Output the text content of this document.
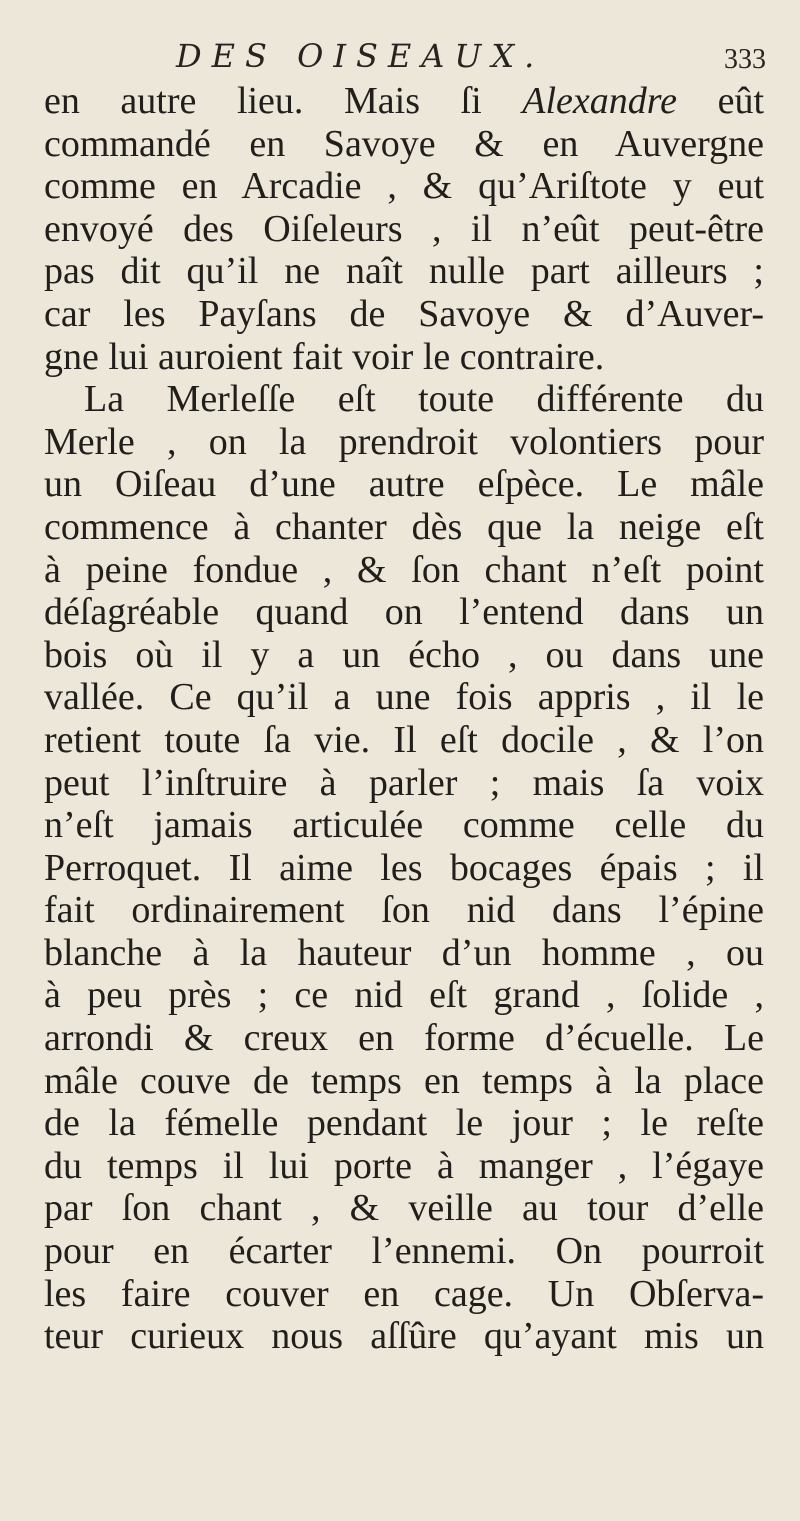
DES OISEAUX.	333
en autre lieu. Mais ſi Alexandre eût
commandé en Savoye & en Auvergne
comme en Arcadie , & qu’Ariſtote y eut
envoyé des Oiſeleurs , il n’eût peut-être
pas dit qu’il ne naît nulle part ailleurs ;
car les Payſans de Savoye & d’Auver-
gne lui auroient fait voir le contraire.
La Merleſſe eſt toute différente du
Merle , on la prendroit volontiers pour
un Oiſeau d’une autre eſpèce. Le mâle
commence à chanter dès que la neige eſt
à peine fondue , & ſon chant n’eſt point
déſagréable quand on l’entend dans un
bois où il y a un écho , ou dans une
vallée. Ce qu’il a une fois appris , il le
retient toute ſa vie. Il eſt docile , & l’on
peut l’inſtruire à parler ; mais ſa voix
n’eſt jamais articulée comme celle du
Perroquet. Il aime les bocages épais ; il
fait ordinairement ſon nid dans l’épine
blanche à la hauteur d’un homme , ou
à peu près ; ce nid eſt grand , ſolide ,
arrondi & creux en forme d’écuelle. Le
mâle couve de temps en temps à la place
de la fémelle pendant le jour ; le reſte
du temps il lui porte à manger , l’égaye
par ſon chant , & veille au tour d’elle
pour en écarter l’ennemi. On pourroit
les faire couver en cage. Un Obſerva-
teur curieux nous aſſûre qu’ayant mis un
